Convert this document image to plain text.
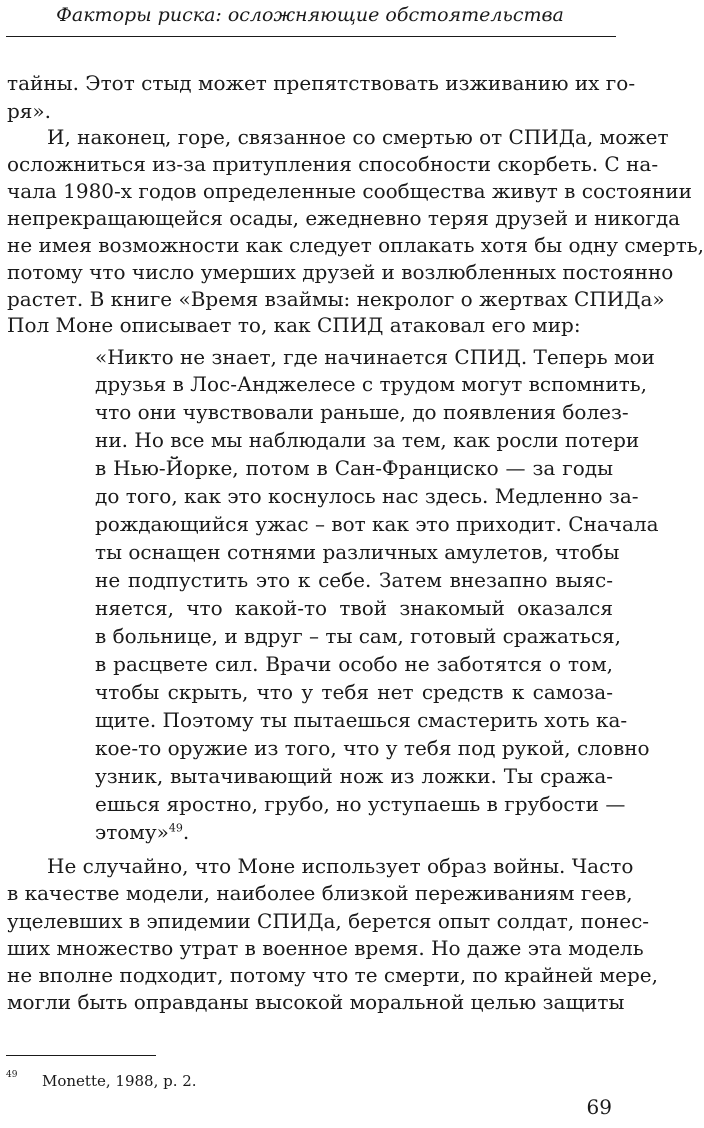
Факторы риска: осложняющие обстоятельства
тайны. Этот стыд может препятствовать изживанию их го-
ря».
И, наконец, горе, связанное со смертью от СПИДа, может
осложниться из-за притупления способности скорбеть. С на-
чала 1980-х годов определенные сообщества живут в состоянии
непрекращающейся осады, ежедневно теряя друзей и никогда
не имея возможности как следует оплакать хотя бы одну смерть,
потому что число умерших друзей и возлюбленных постоянно
растет. В книге «Время взаймы: некролог о жертвах СПИДа»
Пол Моне описывает то, как СПИД атаковал его мир:
«Никто не знает, где начинается СПИД. Теперь мои
друзья в Лос-Анджелесе с трудом могут вспомнить,
что они чувствовали раньше, до появления болез-
ни. Но все мы наблюдали за тем, как росли потери
в Нью-Йорке, потом в Сан-Франциско — за годы
до того, как это коснулось нас здесь. Медленно за-
рождающийся ужас – вот как это приходит. Сначала
ты оснащен сотнями различных амулетов, чтобы
не подпустить это к себе. Затем внезапно выяс-
няется, что какой-то твой знакомый оказался
в больнице, и вдруг – ты сам, готовый сражаться,
в расцвете сил. Врачи особо не заботятся о том,
чтобы скрыть, что у тебя нет средств к самоза-
щите. Поэтому ты пытаешься смастерить хоть ка-
кое-то оружие из того, что у тебя под рукой, словно
узник, вытачивающий нож из ложки. Ты сража-
ешься яростно, грубо, но уступаешь в грубости —
этому»$^{49}$.
Не случайно, что Моне использует образ войны. Часто
в качестве модели, наиболее близкой переживаниям геев,
уцелевших в эпидемии СПИДа, берется опыт солдат, понес-
ших множество утрат в военное время. Но даже эта модель
не вполне подходит, потому что те смерти, по крайней мере,
могли быть оправданы высокой моральной целью защиты
49 Monette, 1988, p. 2.
69
